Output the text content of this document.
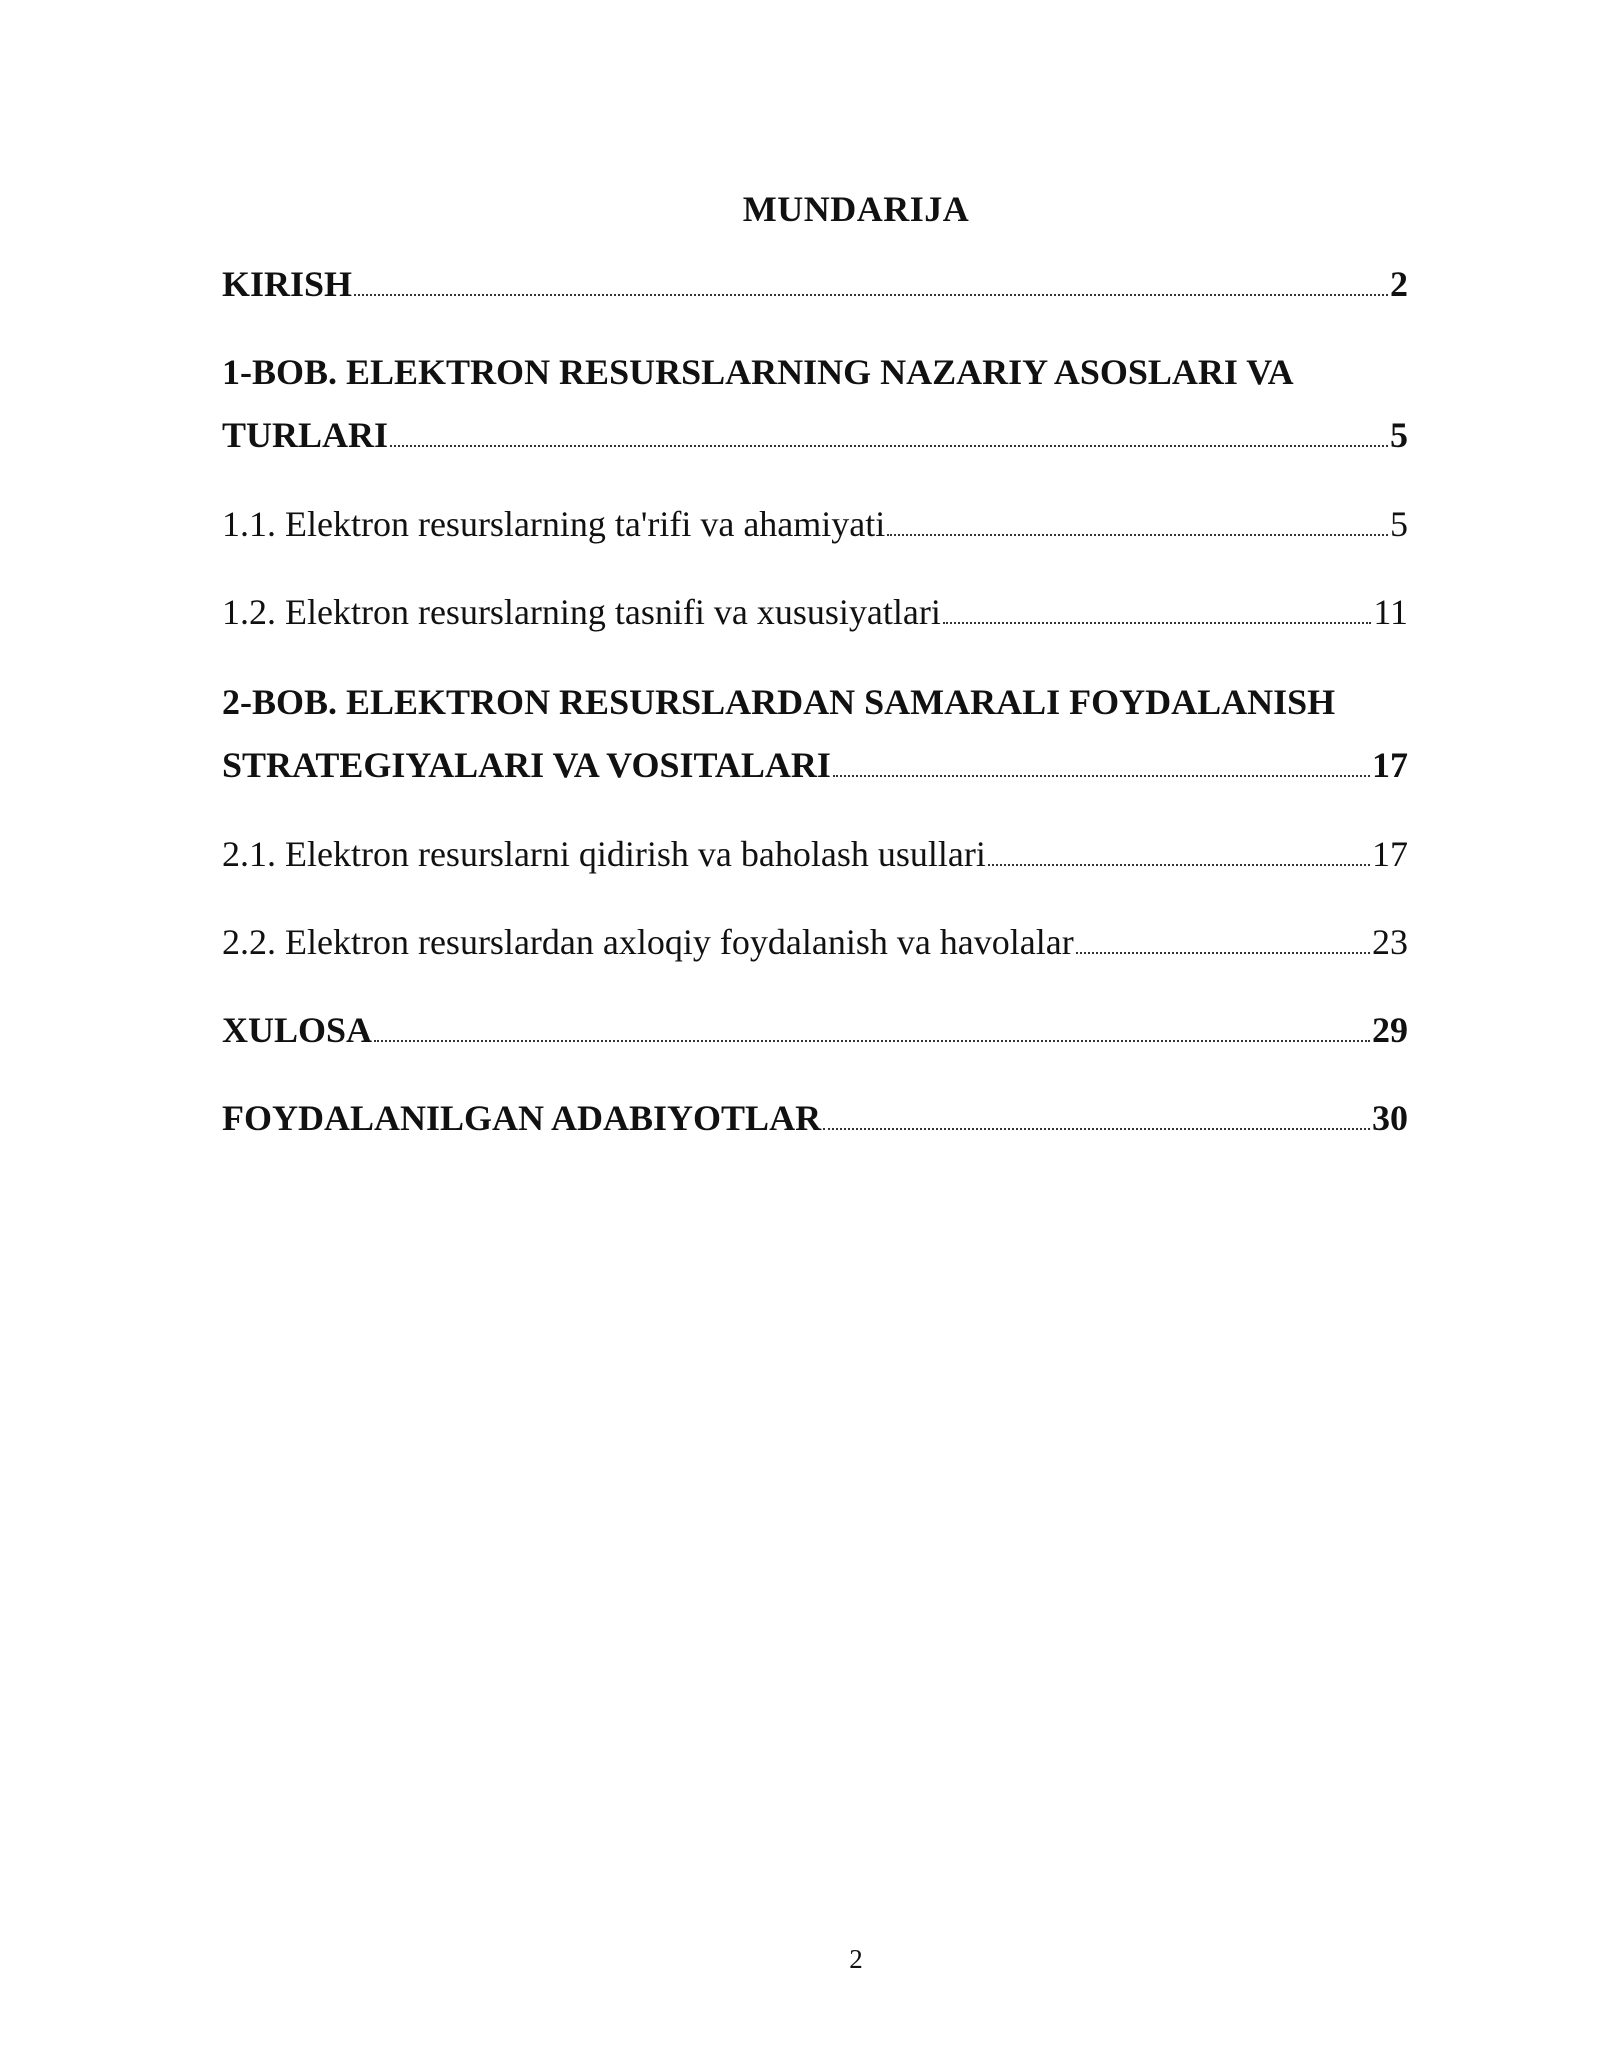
MUNDARIJA
KIRISH	2
1-BOB. ELEKTRON RESURSLARNING NAZARIY ASOSLARI VA
TURLARI	5
1.1. Elektron resurslarning ta'rifi va ahamiyati	5
1.2. Elektron resurslarning tasnifi va xususiyatlari	11
2-BOB. ELEKTRON RESURSLARDAN SAMARALI FOYDALANISH
STRATEGIYALARI VA VOSITALARI	17
2.1. Elektron resurslarni qidirish va baholash usullari	17
2.2. Elektron resurslardan axloqiy foydalanish va havolalar	23
XULOSA	29
FOYDALANILGAN ADABIYOTLAR	30
2
